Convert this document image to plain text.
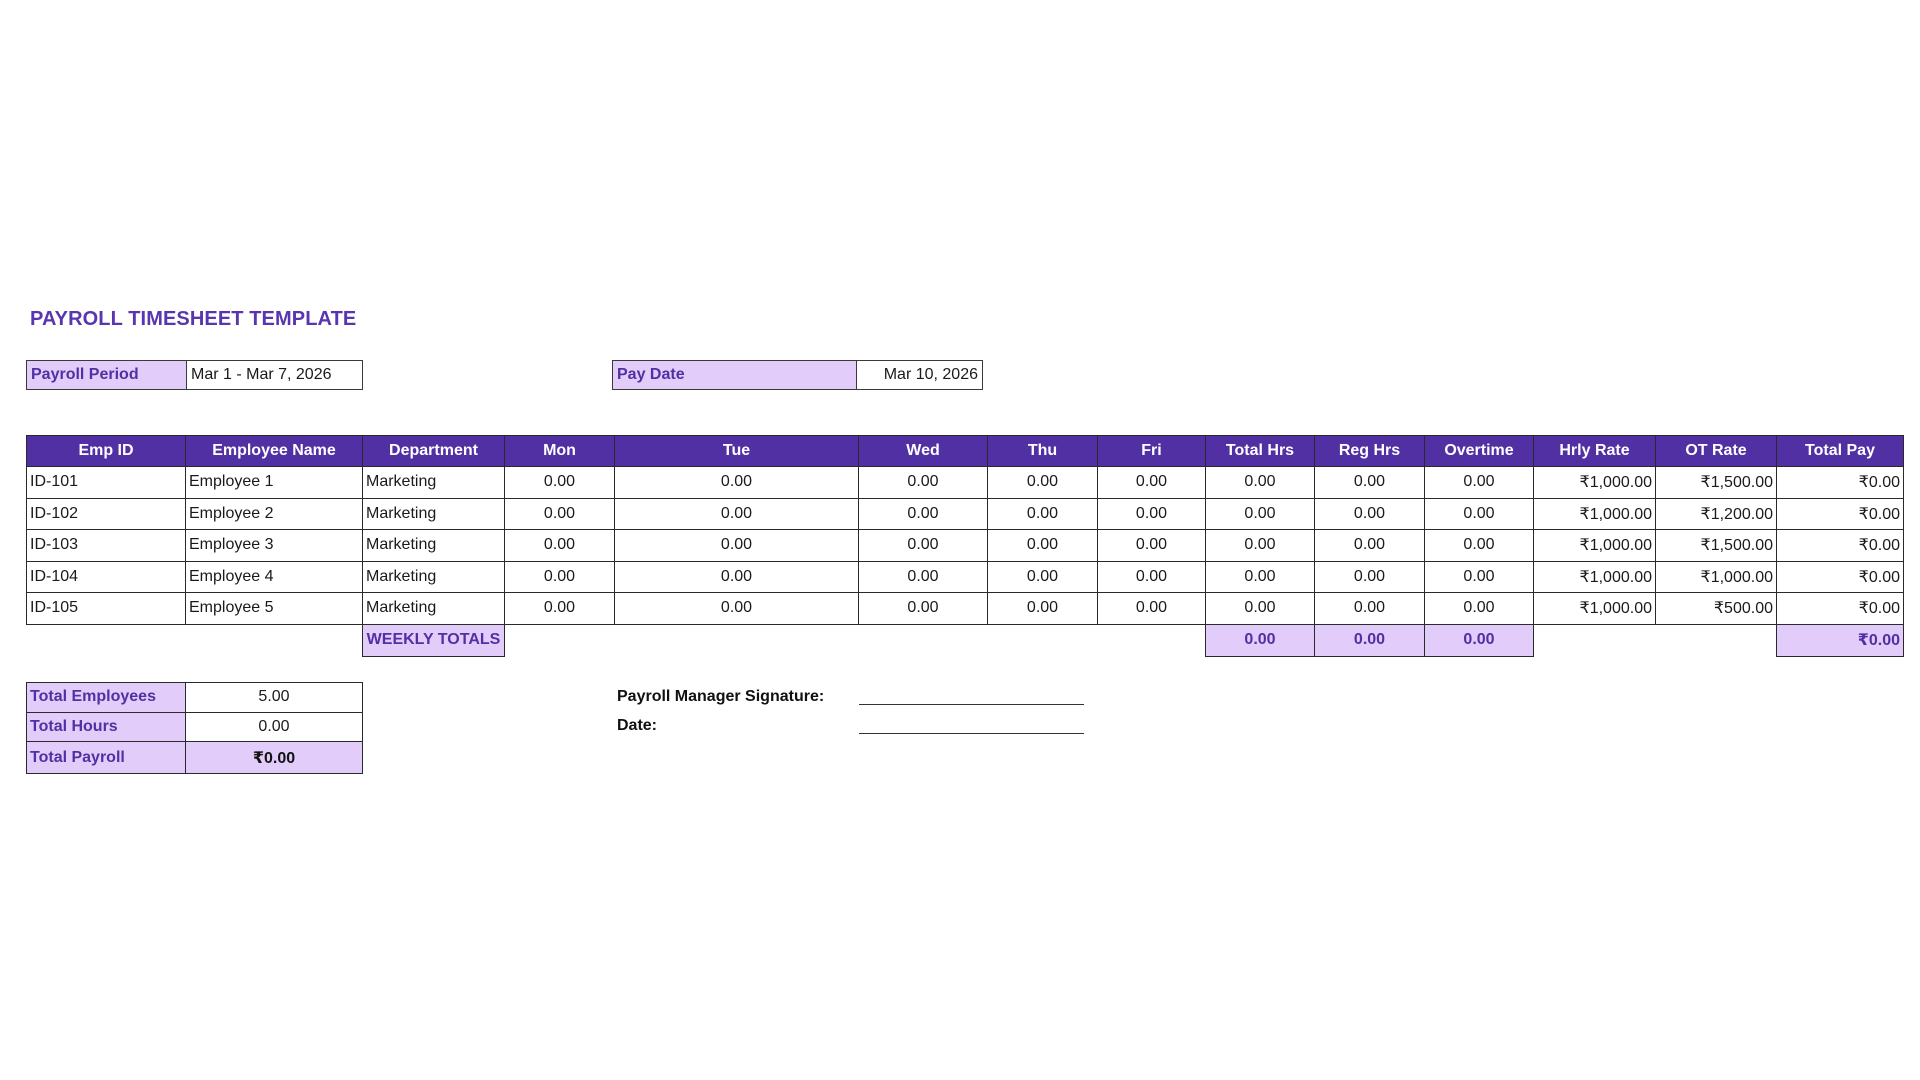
PAYROLL TIMESHEET TEMPLATE
Payroll Period	Mar 1 - Mar 7, 2026	Pay Date	Mar 10, 2026
Emp ID	Employee Name	Department	Mon	Tue	Wed	Thu	Fri	Total Hrs	Reg Hrs	Overtime	Hrly Rate	OT Rate	Total Pay
ID-101	Employee 1	Marketing	0.00	0.00	0.00	0.00	0.00	0.00	0.00	0.00	₹1,000.00	₹1,500.00	₹0.00
ID-102	Employee 2	Marketing	0.00	0.00	0.00	0.00	0.00	0.00	0.00	0.00	₹1,000.00	₹1,200.00	₹0.00
ID-103	Employee 3	Marketing	0.00	0.00	0.00	0.00	0.00	0.00	0.00	0.00	₹1,000.00	₹1,500.00	₹0.00
ID-104	Employee 4	Marketing	0.00	0.00	0.00	0.00	0.00	0.00	0.00	0.00	₹1,000.00	₹1,000.00	₹0.00
ID-105	Employee 5	Marketing	0.00	0.00	0.00	0.00	0.00	0.00	0.00	0.00	₹1,000.00	₹500.00	₹0.00
		WEEKLY TOTALS						0.00	0.00	0.00			₹0.00
Total Employees	5.00
Total Hours	0.00
Total Payroll	₹0.00
Payroll Manager Signature:
Date:
